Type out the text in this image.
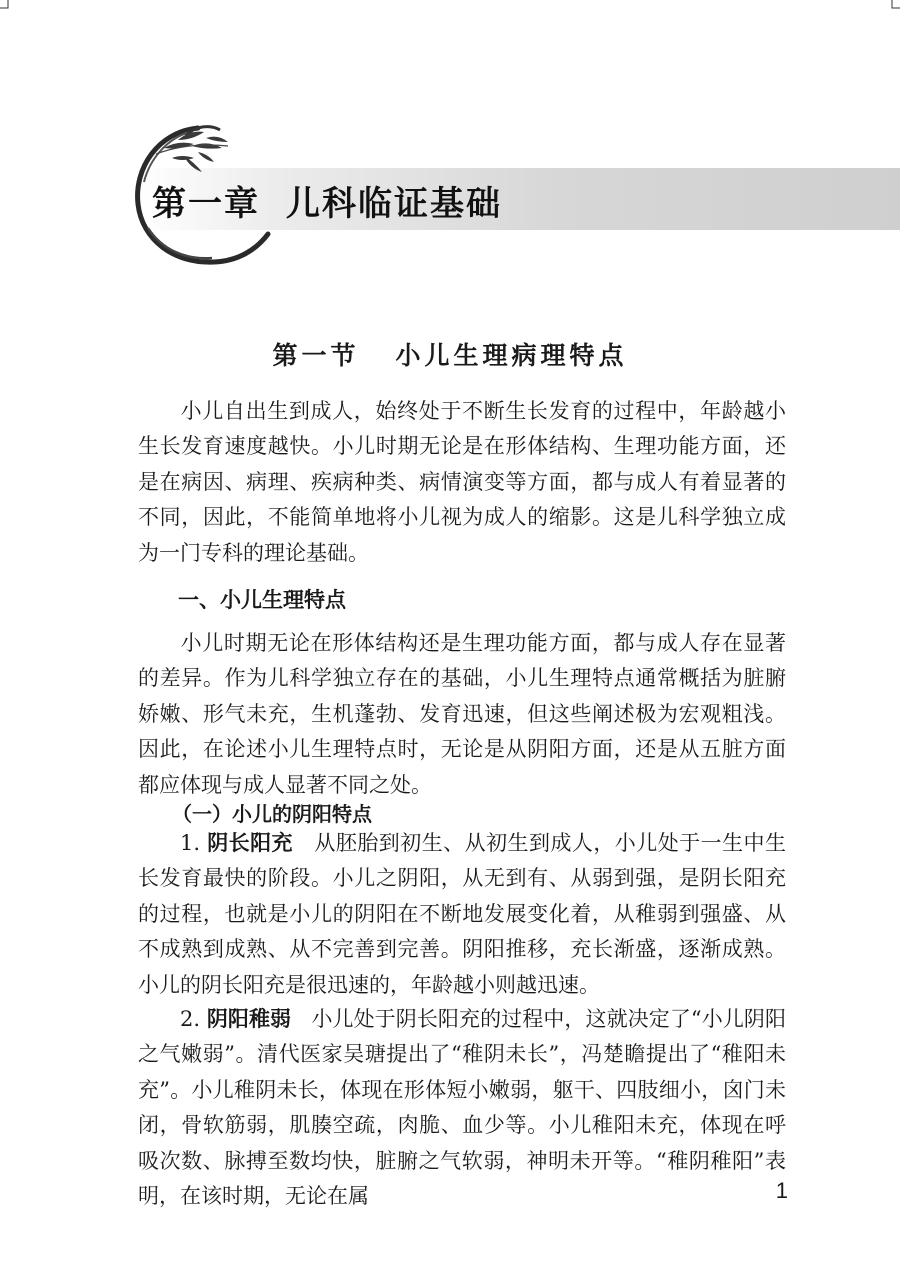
第一章 儿科临证基础
第一节 小儿生理病理特点
小儿自出生到成人，始终处于不断生长发育的过程中，年龄越小生长发育速度越快。小儿时期无论是在形体结构、生理功能方面，还是在病因、病理、疾病种类、病情演变等方面，都与成人有着显著的不同，因此，不能简单地将小儿视为成人的缩影。这是儿科学独立成为一门专科的理论基础。
一、小儿生理特点
小儿时期无论在形体结构还是生理功能方面，都与成人存在显著的差异。作为儿科学独立存在的基础，小儿生理特点通常概括为脏腑娇嫩、形气未充，生机蓬勃、发育迅速，但这些阐述极为宏观粗浅。因此，在论述小儿生理特点时，无论是从阴阳方面，还是从五脏方面都应体现与成人显著不同之处。
（一）小儿的阴阳特点
1. 阴长阳充 从胚胎到初生、从初生到成人，小儿处于一生中生长发育最快的阶段。小儿之阴阳，从无到有、从弱到强，是阴长阳充的过程，也就是小儿的阴阳在不断地发展变化着，从稚弱到强盛、从不成熟到成熟、从不完善到完善。阴阳推移，充长渐盛，逐渐成熟。小儿的阴长阳充是很迅速的，年龄越小则越迅速。
2. 阴阳稚弱 小儿处于阴长阳充的过程中，这就决定了“小儿阴阳之气嫩弱”。清代医家吴瑭提出了“稚阴未长”，冯楚瞻提出了“稚阳未充”。小儿稚阴未长，体现在形体短小嫩弱，躯干、四肢细小，囟门未闭，骨软筋弱，肌腠空疏，肉脆、血少等。小儿稚阳未充，体现在呼吸次数、脉搏至数均快，脏腑之气软弱，神明未开等。“稚阴稚阳”表明，在该时期，无论在属	1
